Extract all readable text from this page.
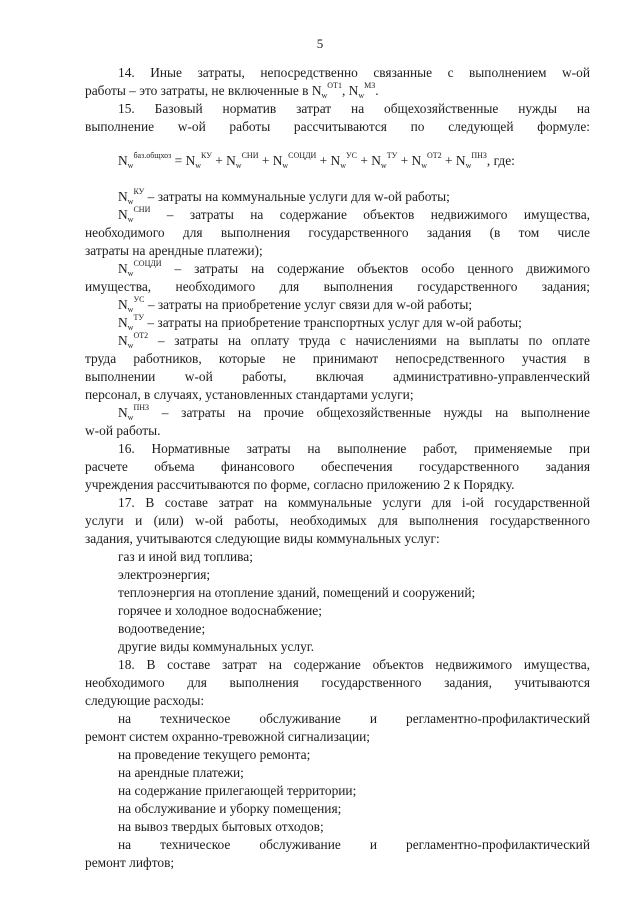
5
14. Иные затраты, непосредственно связанные с выполнением w-ой
работы – это затраты, не включенные в $N_w^{ОТ1}$, $N_w^{МЗ}$.
15. Базовый норматив затрат на общехозяйственные нужды на
выполнение w-ой работы рассчитываются по следующей формуле:
$N_w^{баз.общхоз} = N_w^{КУ} + N_w^{СНИ} + N_w^{СОЦДИ} + N_w^{УС} + N_w^{ТУ} + N_w^{ОТ2} + N_w^{ПНЗ}$, где:
$N_w^{КУ}$ – затраты на коммунальные услуги для w-ой работы;
$N_w^{СНИ}$ – затраты на содержание объектов недвижимого имущества,
необходимого для выполнения государственного задания (в том числе
затраты на арендные платежи);
$N_w^{СОЦДИ}$ – затраты на содержание объектов особо ценного движимого
имущества, необходимого для выполнения государственного задания;
$N_w^{УС}$ – затраты на приобретение услуг связи для w-ой работы;
$N_w^{ТУ}$ – затраты на приобретение транспортных услуг для w-ой работы;
$N_w^{ОТ2}$ – затраты на оплату труда с начислениями на выплаты по оплате
труда работников, которые не принимают непосредственного участия в
выполнении w-ой работы, включая административно-управленческий
персонал, в случаях, установленных стандартами услуги;
$N_w^{ПНЗ}$ – затраты на прочие общехозяйственные нужды на выполнение
w-ой работы.
16. Нормативные затраты на выполнение работ, применяемые при
расчете объема финансового обеспечения государственного задания
учреждения рассчитываются по форме, согласно приложению 2 к Порядку.
17. В составе затрат на коммунальные услуги для i-ой государственной
услуги и (или) w-ой работы, необходимых для выполнения государственного
задания, учитываются следующие виды коммунальных услуг:
газ и иной вид топлива;
электроэнергия;
теплоэнергия на отопление зданий, помещений и сооружений;
горячее и холодное водоснабжение;
водоотведение;
другие виды коммунальных услуг.
18. В составе затрат на содержание объектов недвижимого имущества,
необходимого для выполнения государственного задания, учитываются
следующие расходы:
на техническое обслуживание и регламентно-профилактический
ремонт систем охранно-тревожной сигнализации;
на проведение текущего ремонта;
на арендные платежи;
на содержание прилегающей территории;
на обслуживание и уборку помещения;
на вывоз твердых бытовых отходов;
на техническое обслуживание и регламентно-профилактический
ремонт лифтов;
